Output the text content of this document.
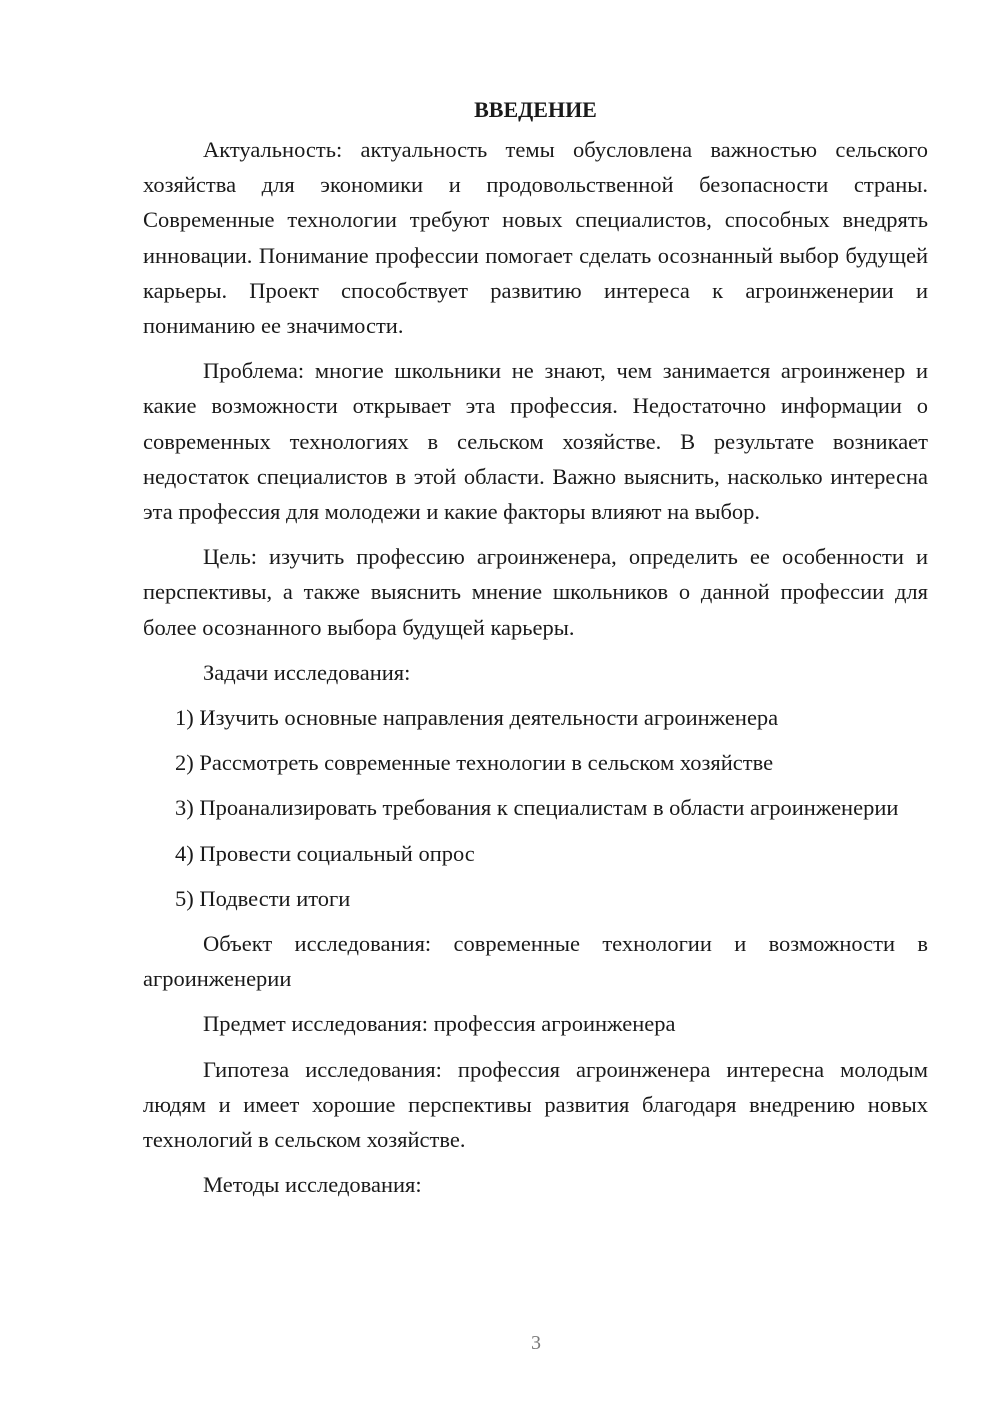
ВВЕДЕНИЕ

Актуальность: актуальность темы обусловлена важностью сельского хозяйства для экономики и продовольственной безопасности страны. Современные технологии требуют новых специалистов, способных внедрять инновации. Понимание профессии помогает сделать осознанный выбор будущей карьеры. Проект способствует развитию интереса к агроинженерии и пониманию ее значимости.

Проблема: многие школьники не знают, чем занимается агроинженер и какие возможности открывает эта профессия. Недостаточно информации о современных технологиях в сельском хозяйстве. В результате возникает недостаток специалистов в этой области. Важно выяснить, насколько интересна эта профессия для молодежи и какие факторы влияют на выбор.

Цель: изучить профессию агроинженера, определить ее особенности и перспективы, а также выяснить мнение школьников о данной профессии для более осознанного выбора будущей карьеры.

Задачи исследования:

1) Изучить основные направления деятельности агроинженера

2) Рассмотреть современные технологии в сельском хозяйстве

3) Проанализировать требования к специалистам в области агроинженерии

4) Провести социальный опрос

5) Подвести итоги

Объект исследования: современные технологии и возможности в агроинженерии

Предмет исследования: профессия агроинженера

Гипотеза исследования: профессия агроинженера интересна молодым людям и имеет хорошие перспективы развития благодаря внедрению новых технологий в сельском хозяйстве.

Методы исследования:

3
